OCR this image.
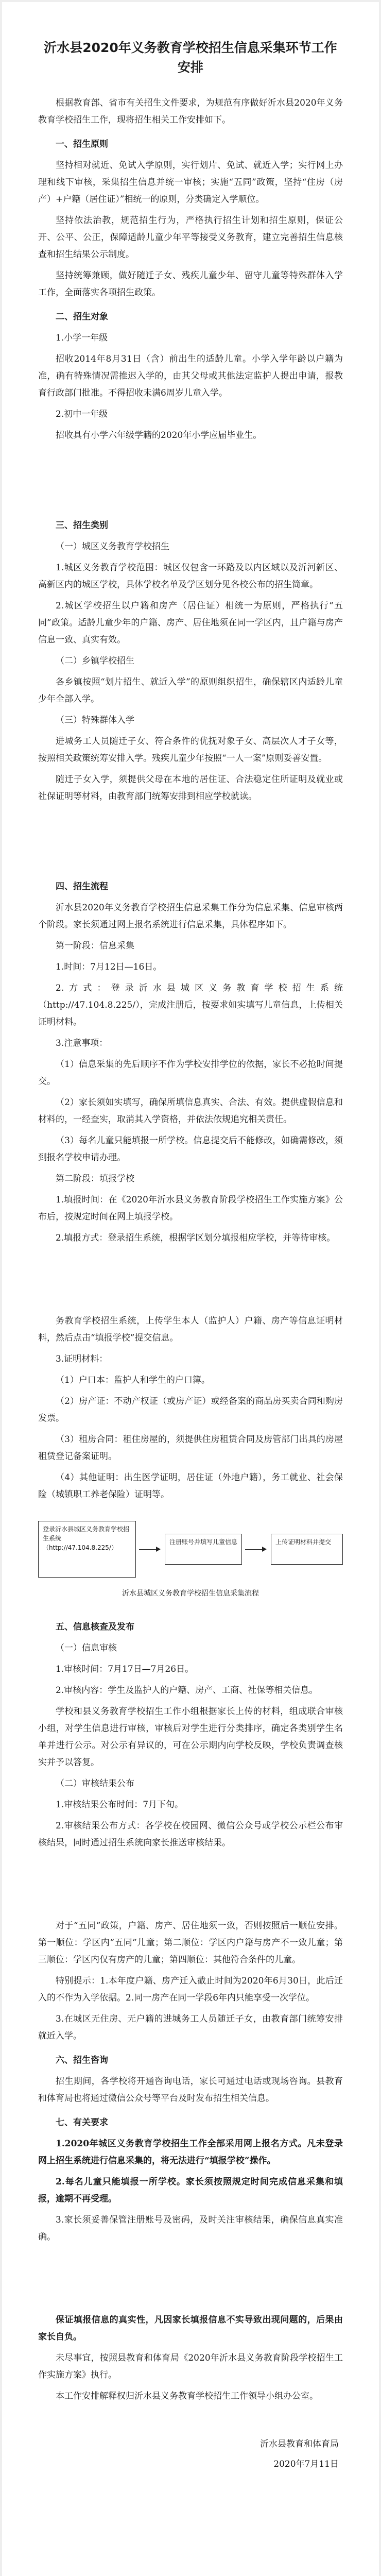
沂水县2020年义务教育学校招生信息采集环节工作安排
根据教育部、省市有关招生文件要求，为规范有序做好沂水县2020年义务教育学校招生工作，现将招生相关工作安排如下。
一、招生原则
坚持相对就近、免试入学原则，实行划片、免试、就近入学；实行网上办理和线下审核，采集招生信息并统一审核；实施“五同”政策，坚持“住房（房产）+户籍（居住证）”相统一的原则，分类确定入学顺位。
坚持依法治教，规范招生行为，严格执行招生计划和招生原则，保证公开、公平、公正，保障适龄儿童少年平等接受义务教育，建立完善招生信息核查和招生结果公示制度。
坚持统筹兼顾，做好随迁子女、残疾儿童少年、留守儿童等特殊群体入学工作，全面落实各项招生政策。
二、招生对象
1.小学一年级
招收2014年8月31日（含）前出生的适龄儿童。小学入学年龄以户籍为准，确有特殊情况需推迟入学的，由其父母或其他法定监护人提出申请，报教育行政部门批准。不得招收未满6周岁儿童入学。
2.初中一年级
招收具有小学六年级学籍的2020年小学应届毕业生。
三、招生类别
（一）城区义务教育学校招生
1.城区义务教育学校范围：城区仅包含一环路及以内区域以及沂河新区、高新区内的城区学校，具体学校名单及学区划分见各校公布的招生简章。
2.城区学校招生以户籍和房产（居住证）相统一为原则，严格执行“五同”政策。适龄儿童少年的户籍、房产、居住地须在同一学区内，且户籍与房产信息一致、真实有效。
（二）乡镇学校招生
各乡镇按照“划片招生、就近入学”的原则组织招生，确保辖区内适龄儿童少年全部入学。
（三）特殊群体入学
进城务工人员随迁子女、符合条件的优抚对象子女、高层次人才子女等，按照相关政策统筹安排入学。残疾儿童少年按照“一人一案”原则妥善安置。
随迁子女入学，须提供父母在本地的居住证、合法稳定住所证明及就业或社保证明等材料，由教育部门统筹安排到相应学校就读。
四、招生流程
沂水县2020年义务教育学校招生信息采集工作分为信息采集、信息审核两个阶段。家长须通过网上报名系统进行信息采集，具体程序如下。
第一阶段：信息采集
1.时间：7月12日—16日。
2.方式：登录沂水县城区义务教育学校招生系统（http://47.104.8.225/），完成注册后，按要求如实填写儿童信息，上传相关证明材料。
3.注意事项：
（1）信息采集的先后顺序不作为学校安排学位的依据，家长不必抢时间提交。
（2）家长须如实填写，确保所填信息真实、合法、有效。提供虚假信息和材料的，一经查实，取消其入学资格，并依法依规追究相关责任。
（3）每名儿童只能填报一所学校。信息提交后不能修改，如确需修改，须到报名学校申请办理。
第二阶段：填报学校
1.填报时间：在《2020年沂水县义务教育阶段学校招生工作实施方案》公布后，按规定时间在网上填报学校。
2.填报方式：登录招生系统，根据学区划分填报相应学校，并等待审核。
务教育学校招生系统，上传学生本人（监护人）户籍、房产等信息证明材料，然后点击“填报学校”提交信息。
3.证明材料：
（1）户口本：监护人和学生的户口簿。
（2）房产证：不动产权证（或房产证）或经备案的商品房买卖合同和购房发票。
（3）租房合同：租住房屋的，须提供住房租赁合同及房管部门出具的房屋租赁登记备案证明。
（4）其他证明：出生医学证明，居住证（外地户籍），务工就业、社会保险（城镇职工养老保险）证明等。
登录沂水县城区义务教育学校招生系统（http://47.104.8.225/）
注册账号并填写儿童信息	上传证明材料并提交
沂水县城区义务教育学校招生信息采集流程
五、信息核查及发布
（一）信息审核
1.审核时间：7月17日—7月26日。
2.审核内容：学生及监护人的户籍、房产、工商、社保等相关信息。
学校和县义务教育学校招生工作小组根据家长上传的材料，组成联合审核小组，对学生信息进行审核，审核后对学生进行分类排序，确定各类别学生名单并进行公示。对公示有异议的，可在公示期内向学校反映，学校负责调查核实并予以答复。
（二）审核结果公布
1.审核结果公布时间：7月下旬。
2.审核结果公布方式：各学校在校园网、微信公众号或学校公示栏公布审核结果，同时通过招生系统向家长推送审核结果。
对于“五同”政策，户籍、房产、居住地须一致，否则按照后一顺位安排。第一顺位：学区内“五同”儿童；第二顺位：学区内户籍与房产不一致儿童；第三顺位：学区内仅有房产的儿童；第四顺位：其他符合条件的儿童。
特别提示：1.本年度户籍、房产迁入截止时间为2020年6月30日，此后迁入的不作为入学依据。2.同一房产在同一学段6年内只能享受一次学位。
3.在城区无住房、无户籍的进城务工人员随迁子女，由教育部门统筹安排就近入学。
六、招生咨询
招生期间，各学校将开通咨询电话，家长可通过电话或现场咨询。县教育和体育局也将通过微信公众号等平台及时发布招生相关信息。
七、有关要求
1.2020年城区义务教育学校招生工作全部采用网上报名方式。凡未登录网上招生系统进行信息采集的，将无法进行“填报学校”操作。
2.每名儿童只能填报一所学校。家长须按照规定时间完成信息采集和填报，逾期不再受理。
3.家长须妥善保管注册账号及密码，及时关注审核结果，确保信息真实准确。
保证填报信息的真实性，凡因家长填报信息不实导致出现问题的，后果由家长自负。
未尽事宜，按照县教育和体育局《2020年沂水县义务教育阶段学校招生工作实施方案》执行。
本工作安排解释权归沂水县义务教育学校招生工作领导小组办公室。
沂水县教育和体育局
2020年7月11日
